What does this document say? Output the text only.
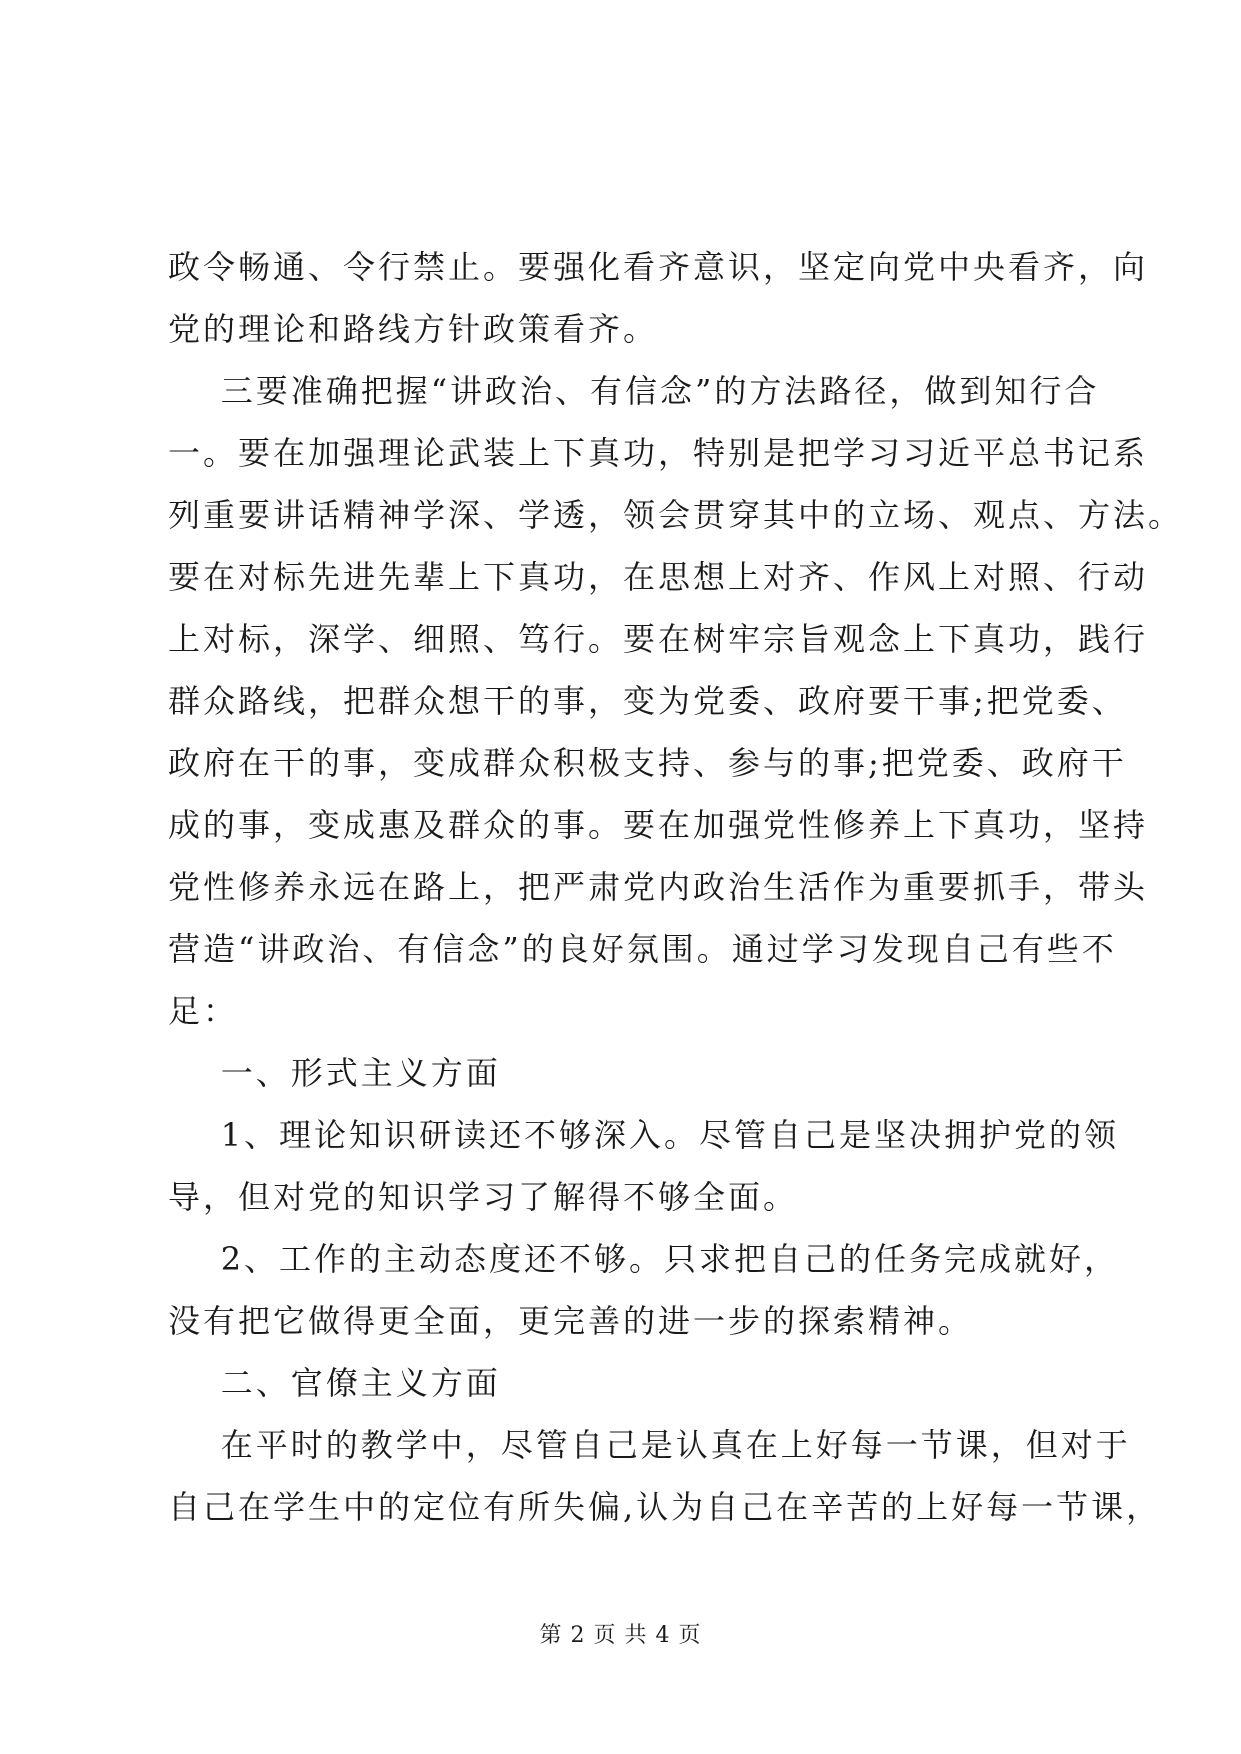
政令畅通、令行禁止。要强化看齐意识，坚定向党中央看齐，向
党的理论和路线方针政策看齐。
三要准确把握“讲政治、有信念”的方法路径，做到知行合
一。要在加强理论武装上下真功，特别是把学习习近平总书记系
列重要讲话精神学深、学透，领会贯穿其中的立场、观点、方法。
要在对标先进先辈上下真功，在思想上对齐、作风上对照、行动
上对标，深学、细照、笃行。要在树牢宗旨观念上下真功，践行
群众路线，把群众想干的事，变为党委、政府要干事;把党委、
政府在干的事，变成群众积极支持、参与的事;把党委、政府干
成的事，变成惠及群众的事。要在加强党性修养上下真功，坚持
党性修养永远在路上，把严肃党内政治生活作为重要抓手，带头
营造“讲政治、有信念”的良好氛围。通过学习发现自己有些不
足：
一、形式主义方面
1、理论知识研读还不够深入。尽管自己是坚决拥护党的领
导，但对党的知识学习了解得不够全面。
2、工作的主动态度还不够。只求把自己的任务完成就好，
没有把它做得更全面，更完善的进一步的探索精神。
二、官僚主义方面
在平时的教学中，尽管自己是认真在上好每一节课，但对于
自己在学生中的定位有所失偏,认为自己在辛苦的上好每一节课，
第 2 页 共 4 页
